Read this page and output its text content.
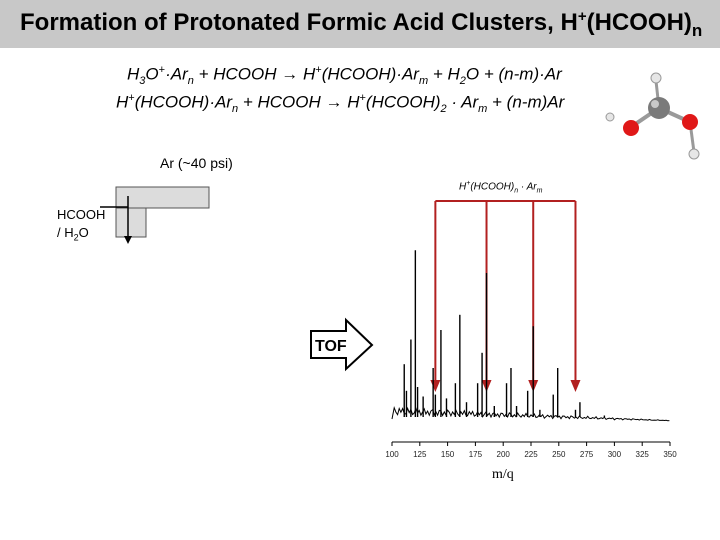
Formation of Protonated Formic Acid Clusters, $H^+(HCOOH)_n$
$H_3O^+\cdot Ar_n$ + HCOOH → $H^+(HCOOH)\cdot Ar_m + H_2O + (n-m)\cdot Ar$
$H^+(HCOOH)\cdot Ar_n$ + HCOOH → $H^+(HCOOH)_2 \cdot Ar_m + (n-m)Ar$
Ar (~40 psi)
HCOOH
/ $H_2O$
$H^+(HCOOH)_n \cdot Ar_m$
TOF
100 125 150 175 200 225 250 275 300 325 350
m/q
